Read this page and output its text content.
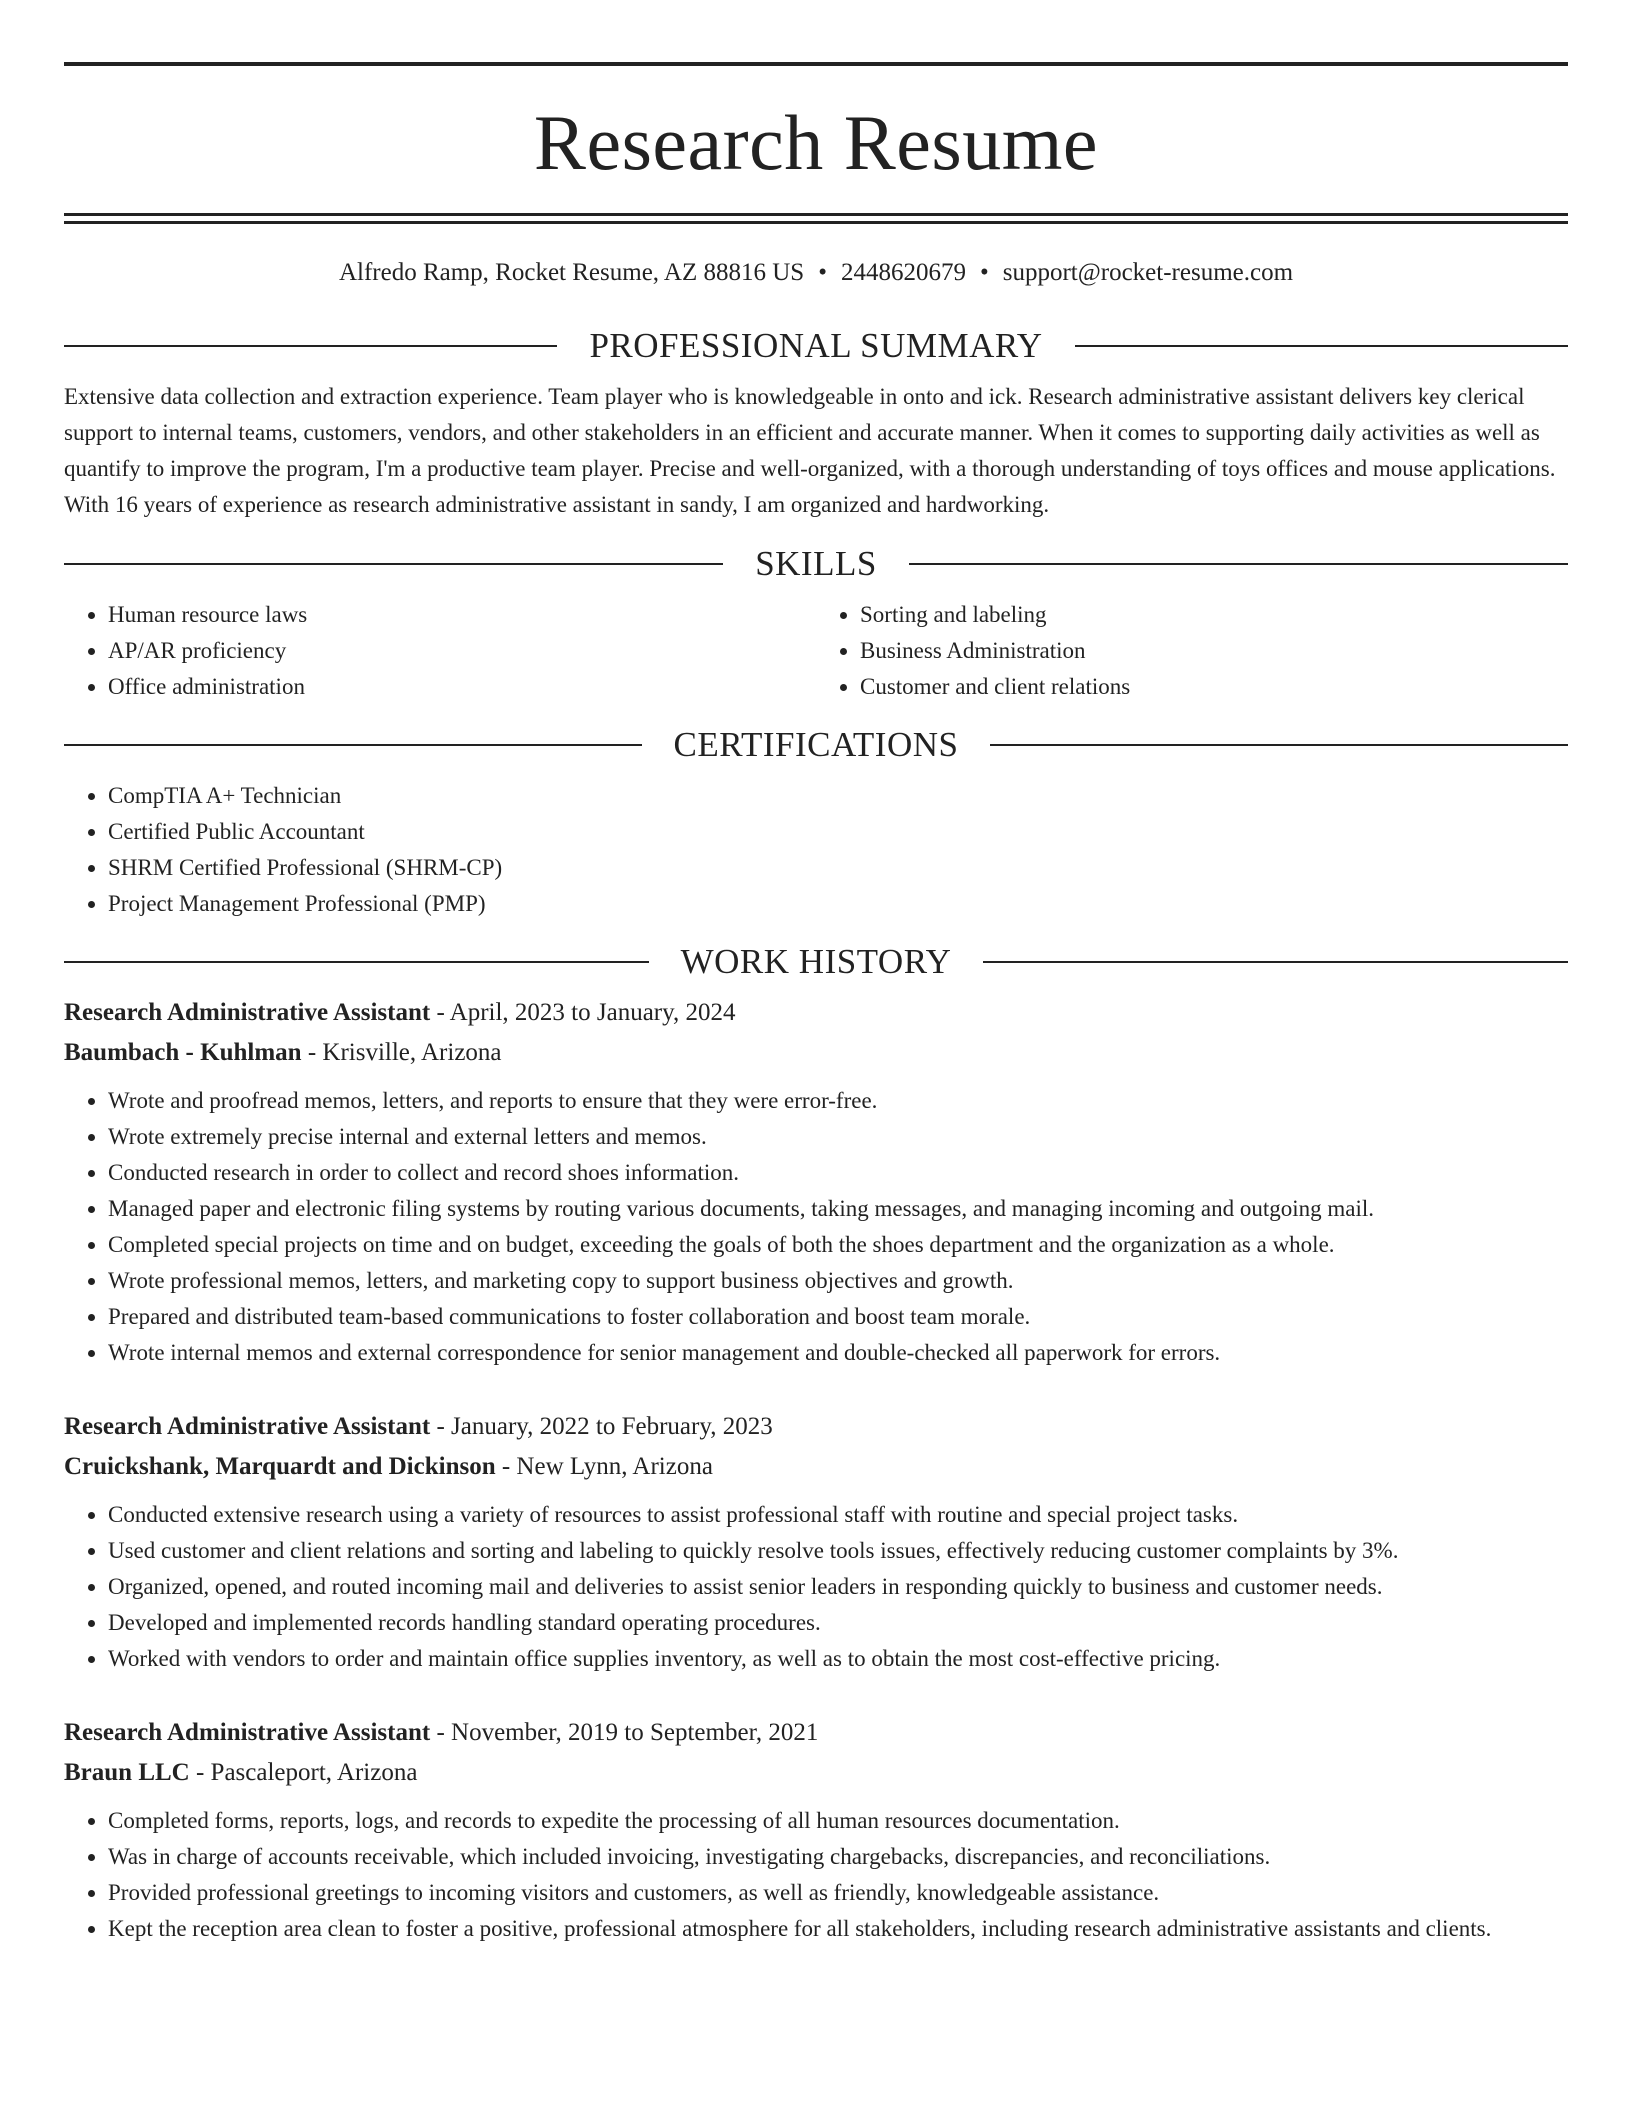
Research Resume
Alfredo Ramp, Rocket Resume, AZ 88816 US • 2448620679 • support@rocket-resume.com
PROFESSIONAL SUMMARY

Extensive data collection and extraction experience. Team player who is knowledgeable in onto and ick. Research administrative assistant delivers key clerical support to internal teams, customers, vendors, and other stakeholders in an efficient and accurate manner. When it comes to supporting daily activities as well as quantify to improve the program, I'm a productive team player. Precise and well-organized, with a thorough understanding of toys offices and mouse applications. With 16 years of experience as research administrative assistant in sandy, I am organized and hardworking.

SKILLS
• Human resource laws
• AP/AR proficiency
• Office administration
• Sorting and labeling
• Business Administration
• Customer and client relations
CERTIFICATIONS
• CompTIA A+ Technician
• Certified Public Accountant
• SHRM Certified Professional (SHRM-CP)
• Project Management Professional (PMP)
WORK HISTORY
Research Administrative Assistant - April, 2023 to January, 2024
Baumbach - Kuhlman - Krisville, Arizona
• Wrote and proofread memos, letters, and reports to ensure that they were error-free.
• Wrote extremely precise internal and external letters and memos.
• Conducted research in order to collect and record shoes information.
• Managed paper and electronic filing systems by routing various documents, taking messages, and managing incoming and outgoing mail.
• Completed special projects on time and on budget, exceeding the goals of both the shoes department and the organization as a whole.
• Wrote professional memos, letters, and marketing copy to support business objectives and growth.
• Prepared and distributed team-based communications to foster collaboration and boost team morale.
• Wrote internal memos and external correspondence for senior management and double-checked all paperwork for errors.
Research Administrative Assistant - January, 2022 to February, 2023
Cruickshank, Marquardt and Dickinson - New Lynn, Arizona
• Conducted extensive research using a variety of resources to assist professional staff with routine and special project tasks.
• Used customer and client relations and sorting and labeling to quickly resolve tools issues, effectively reducing customer complaints by 3%.
• Organized, opened, and routed incoming mail and deliveries to assist senior leaders in responding quickly to business and customer needs.
• Developed and implemented records handling standard operating procedures.
• Worked with vendors to order and maintain office supplies inventory, as well as to obtain the most cost-effective pricing.
Research Administrative Assistant - November, 2019 to September, 2021
Braun LLC - Pascaleport, Arizona
• Completed forms, reports, logs, and records to expedite the processing of all human resources documentation.
• Was in charge of accounts receivable, which included invoicing, investigating chargebacks, discrepancies, and reconciliations.
• Provided professional greetings to incoming visitors and customers, as well as friendly, knowledgeable assistance.
• Kept the reception area clean to foster a positive, professional atmosphere for all stakeholders, including research administrative assistants and clients.
